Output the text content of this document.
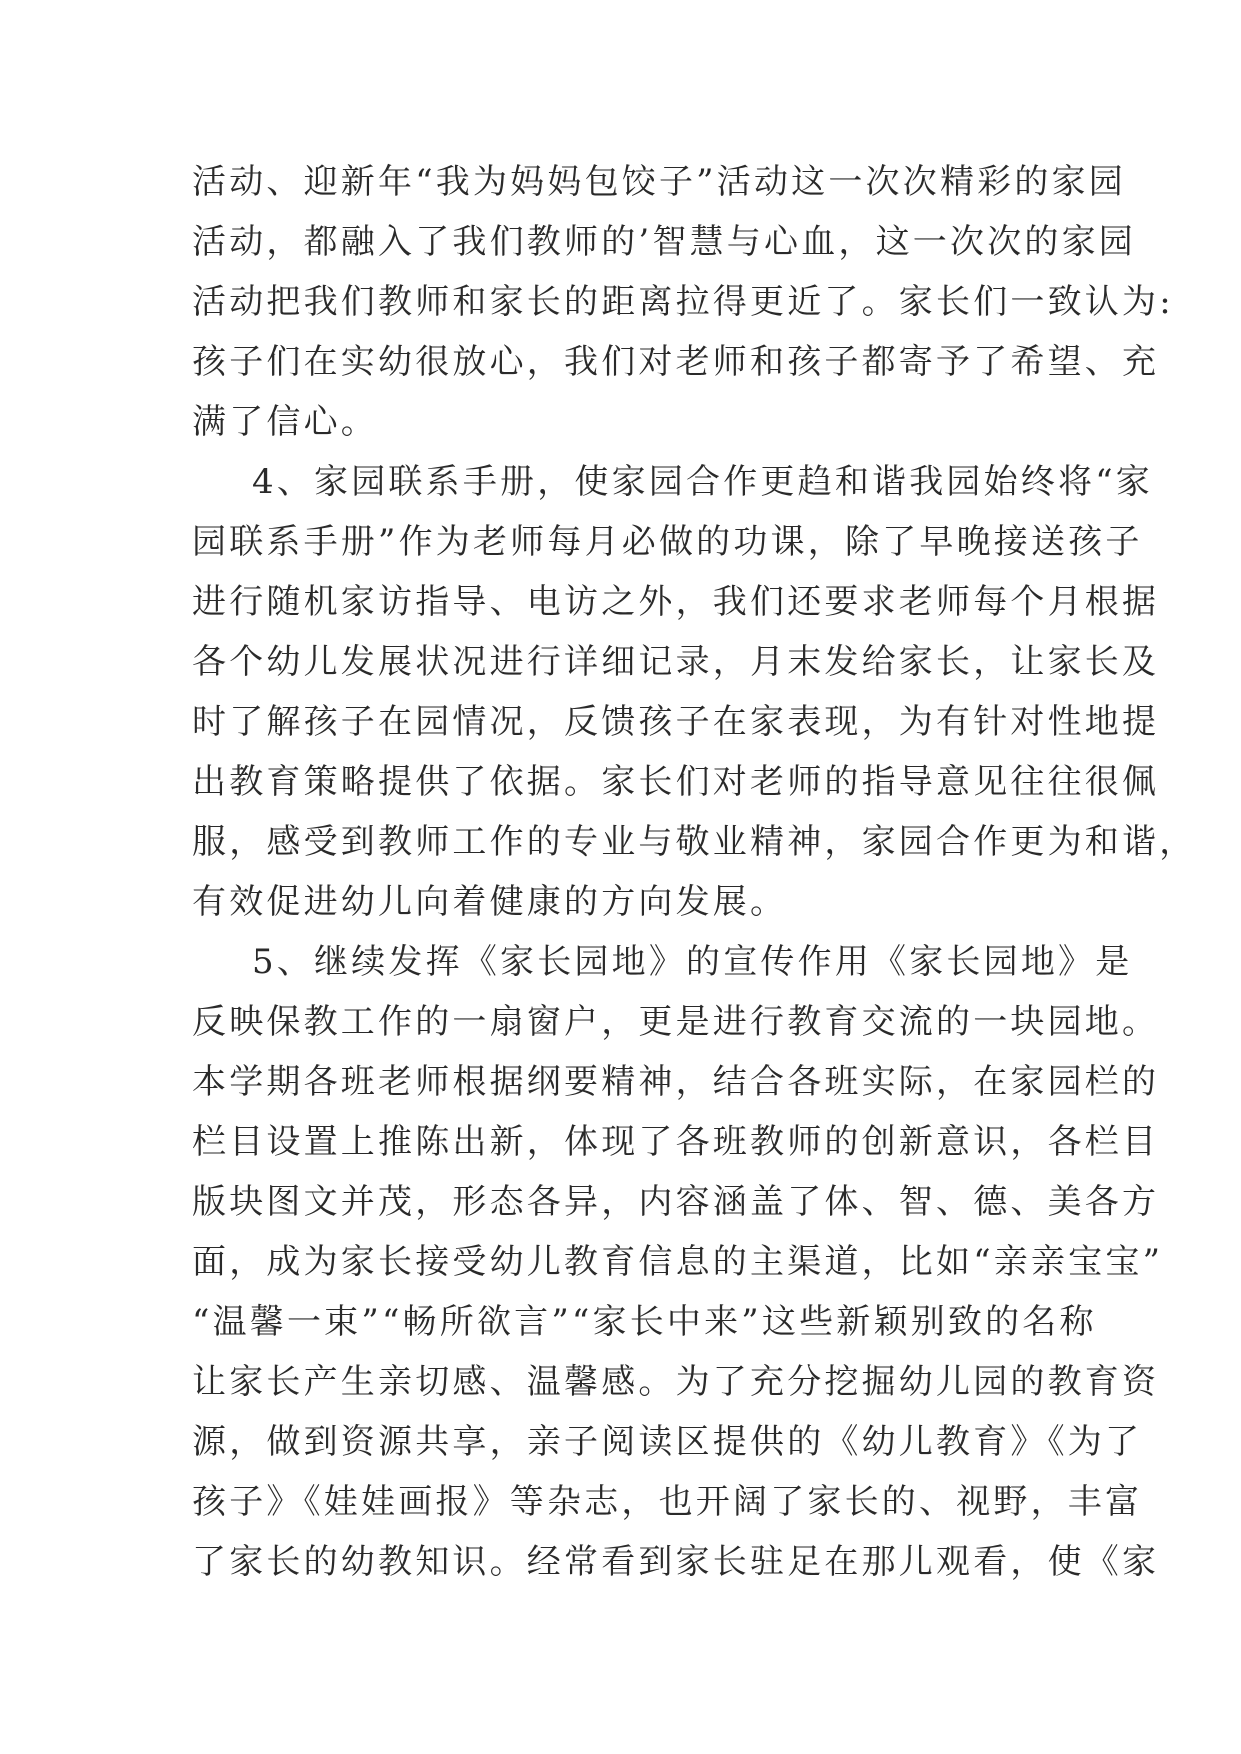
活动、迎新年“我为妈妈包饺子”活动这一次次精彩的家园
活动，都融入了我们教师的’智慧与心血，这一次次的家园
活动把我们教师和家长的距离拉得更近了。家长们一致认为:
孩子们在实幼很放心，我们对老师和孩子都寄予了希望、充
满了信心。
4、家园联系手册，使家园合作更趋和谐我园始终将“家
园联系手册”作为老师每月必做的功课，除了早晚接送孩子
进行随机家访指导、电访之外，我们还要求老师每个月根据
各个幼儿发展状况进行详细记录，月末发给家长，让家长及
时了解孩子在园情况，反馈孩子在家表现，为有针对性地提
出教育策略提供了依据。家长们对老师的指导意见往往很佩
服，感受到教师工作的专业与敬业精神，家园合作更为和谐，
有效促进幼儿向着健康的方向发展。
5、继续发挥《家长园地》的宣传作用《家长园地》是
反映保教工作的一扇窗户，更是进行教育交流的一块园地。
本学期各班老师根据纲要精神，结合各班实际，在家园栏的
栏目设置上推陈出新，体现了各班教师的创新意识，各栏目
版块图文并茂，形态各异，内容涵盖了体、智、德、美各方
面，成为家长接受幼儿教育信息的主渠道，比如“亲亲宝宝”
“温馨一束”“畅所欲言”“家长中来”这些新颖别致的名称
让家长产生亲切感、温馨感。为了充分挖掘幼儿园的教育资
源，做到资源共享，亲子阅读区提供的《幼儿教育》《为了
孩子》《娃娃画报》等杂志，也开阔了家长的、视野，丰富
了家长的幼教知识。经常看到家长驻足在那儿观看，使《家
